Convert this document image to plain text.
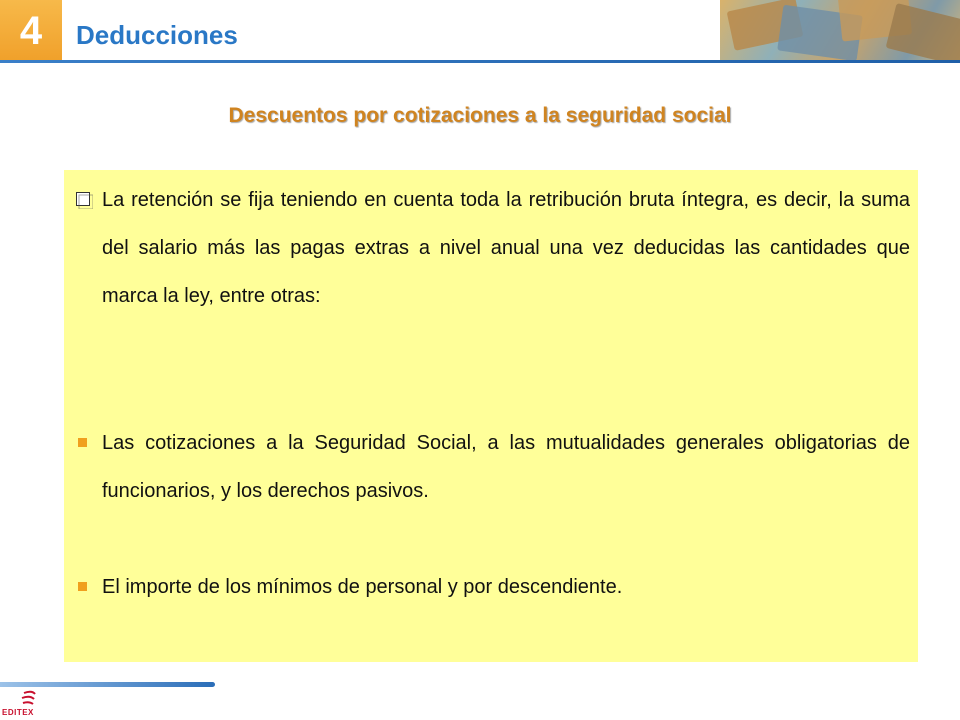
4 Deducciones
Descuentos por cotizaciones a la seguridad social
La retención se fija teniendo en cuenta toda la retribución bruta íntegra, es decir, la suma del salario más las pagas extras a nivel anual una vez deducidas las cantidades que marca la ley, entre otras:
Las cotizaciones a la Seguridad Social, a las mutualidades generales obligatorias de funcionarios, y los derechos pasivos.
El importe de los mínimos de personal y por descendiente.
EDITEX
